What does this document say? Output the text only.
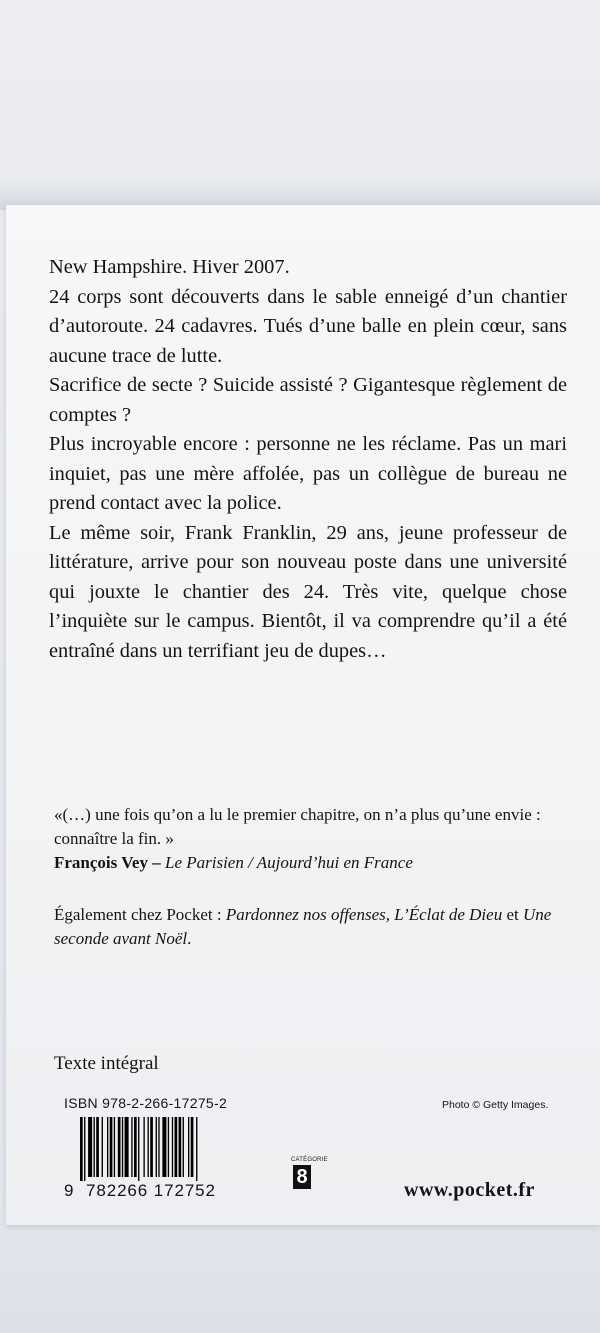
New Hampshire. Hiver 2007.

24 corps sont découverts dans le sable enneigé d’un chantier d’autoroute. 24 cadavres. Tués d’une balle en plein cœur, sans aucune trace de lutte.

Sacrifice de secte ? Suicide assisté ? Gigantesque règlement de comptes ?

Plus incroyable encore : personne ne les réclame. Pas un mari inquiet, pas une mère affolée, pas un collègue de bureau ne prend contact avec la police.

Le même soir, Frank Franklin, 29 ans, jeune professeur de littérature, arrive pour son nouveau poste dans une université qui jouxte le chantier des 24. Très vite, quelque chose l’inquiète sur le campus. Bientôt, il va comprendre qu’il a été entraîné dans un terrifiant jeu de dupes…

«(…) une fois qu’on a lu le premier chapitre, on n’a plus qu’une envie : connaître la fin. »

François Vey – Le Parisien / Aujourd’hui en France

Également chez Pocket : Pardonnez nos offenses, L’Éclat de Dieu et Une seconde avant Noël.
Texte intégral
ISBN 978-2-266-17275-2	Photo © Getty Images.
9 782266 172752
CATÉGORIE
8
www.pocket.fr
